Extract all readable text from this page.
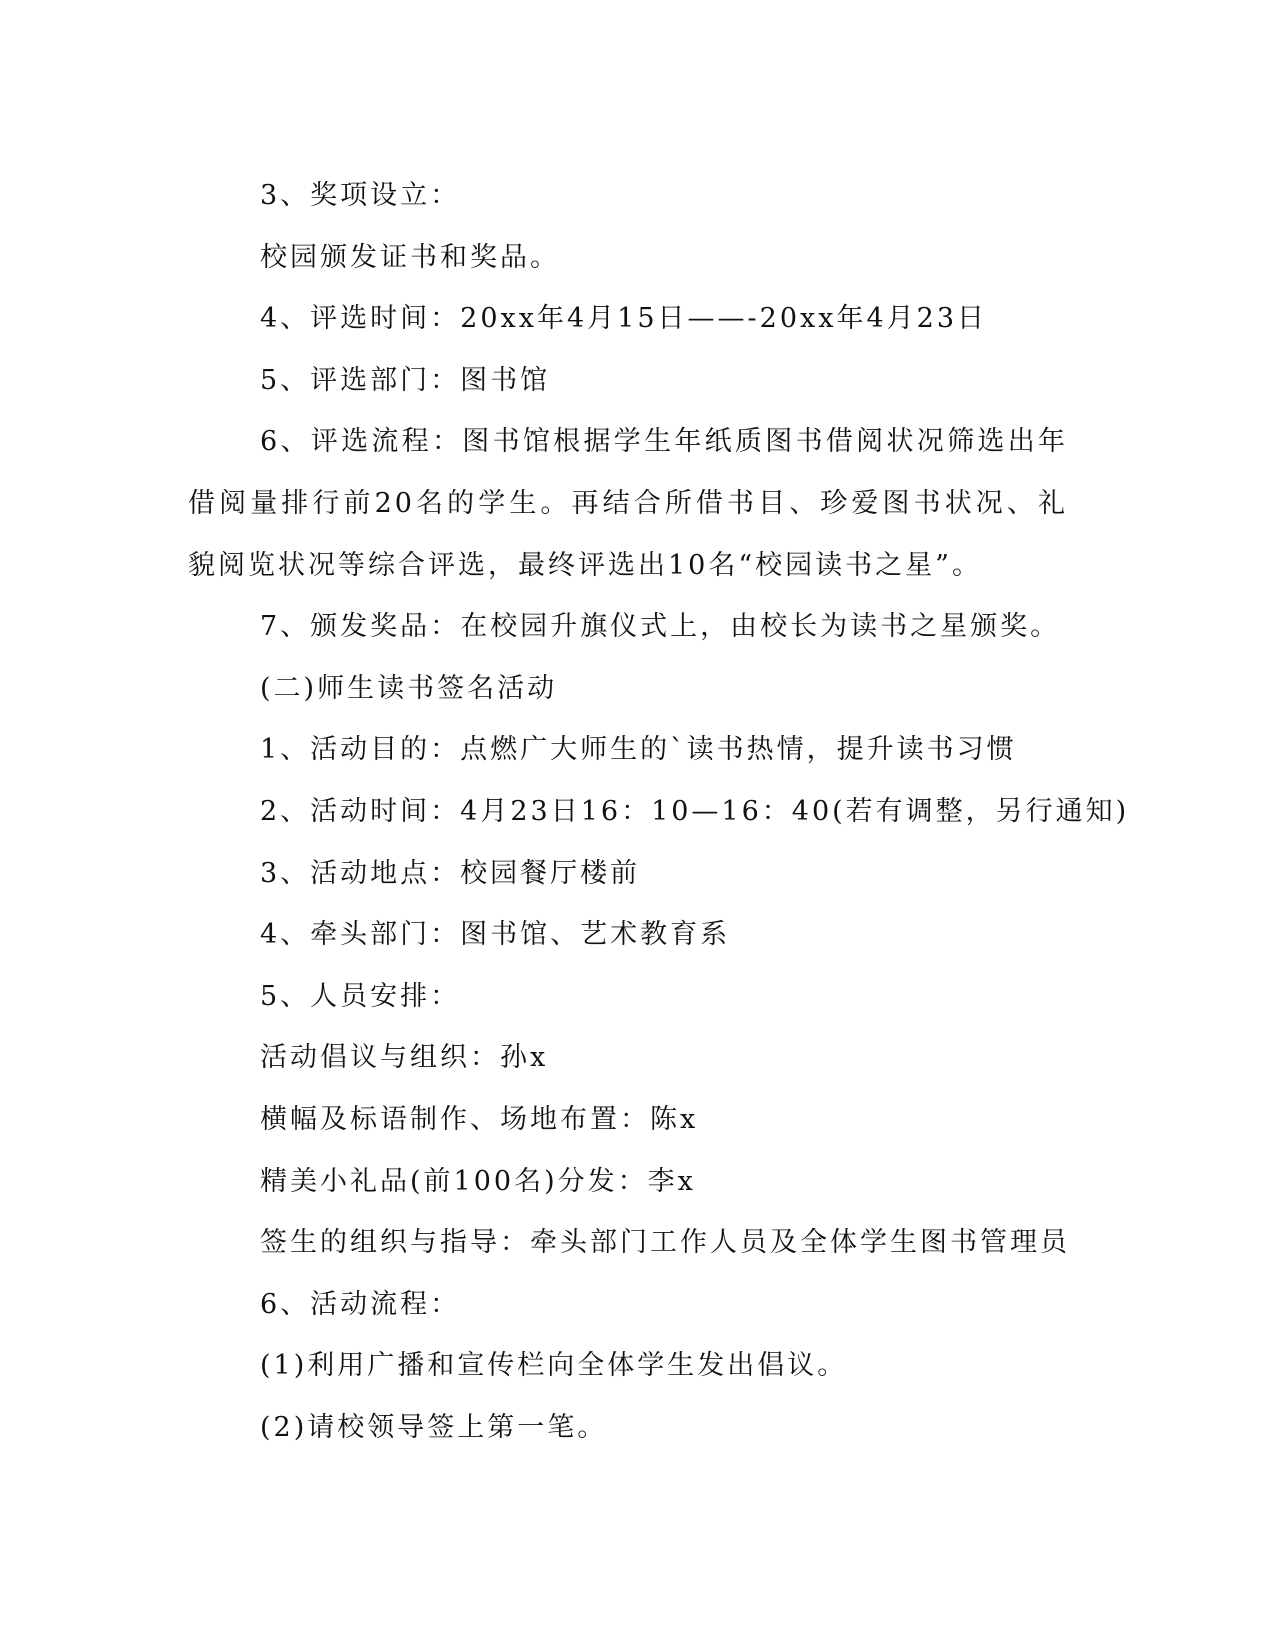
3、奖项设立：

校园颁发证书和奖品。

4、评选时间：20xx年4月15日——-20xx年4月23日

5、评选部门：图书馆

6、评选流程：图书馆根据学生年纸质图书借阅状况筛选出年借阅量排行前20名的学生。再结合所借书目、珍爱图书状况、礼貌阅览状况等综合评选，最终评选出10名“校园读书之星”。

7、颁发奖品：在校园升旗仪式上，由校长为读书之星颁奖。

(二)师生读书签名活动

1、活动目的：点燃广大师生的`读书热情，提升读书习惯

2、活动时间：4月23日16：10—16：40(若有调整，另行通知)

3、活动地点：校园餐厅楼前

4、牵头部门：图书馆、艺术教育系

5、人员安排：

活动倡议与组织：孙x

横幅及标语制作、场地布置：陈x

精美小礼品(前100名)分发：李x

签生的组织与指导：牵头部门工作人员及全体学生图书管理员

6、活动流程：

(1)利用广播和宣传栏向全体学生发出倡议。

(2)请校领导签上第一笔。
